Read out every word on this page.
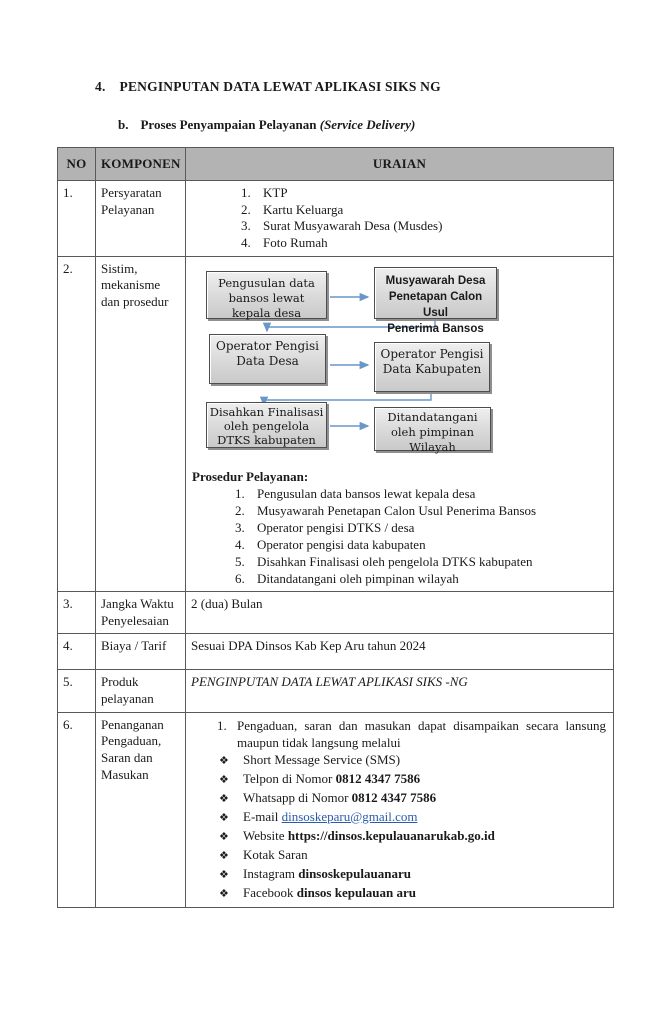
4. PENGINPUTAN DATA LEWAT APLIKASI SIKS NG
b. Proses Penyampaian Pelayanan (Service Delivery)
NO	KOMPONEN	URAIAN
1.	Persyaratan Pelayanan	
1. KTP
2. Kartu Keluarga
3. Surat Musyawarah Desa (Musdes)
4. Foto Rumah

2.	Sistim, mekanisme dan prosedur	
Pengusulan data
bansos lewat
kepala desa
Musyawarah Desa
Penetapan Calon Usul
Penerima Bansos
Operator Pengisi
Data Desa	Operator Pengisi
Data Kabupaten
Disahkan Finalisasi
oleh pengelola
DTKS kabupaten
Ditandatangani
oleh pimpinan
Wilayah
Prosedur Pelayanan:
1. Pengusulan data bansos lewat kepala desa
2. Musyawarah Penetapan Calon Usul Penerima Bansos
3. Operator pengisi DTKS / desa
4. Operator pengisi data kabupaten
5. Disahkan Finalisasi oleh pengelola DTKS kabupaten
6. Ditandatangani oleh pimpinan wilayah

3.	Jangka Waktu Penyelesaian	2 (dua) Bulan
4.	Biaya / Tarif	Sesuai DPA Dinsos Kab Kep Aru tahun 2024
5.	Produk pelayanan	PENGINPUTAN DATA LEWAT APLIKASI SIKS -NG
6.	Penanganan Pengaduan, Saran dan Masukan	
1. Pengaduan, saran dan masukan dapat disampaikan secara lansung maupun tidak langsung melalui
❖	Short Message Service (SMS)
❖	Telpon di Nomor 0812 4347 7586
❖	Whatsapp di Nomor 0812 4347 7586
❖	E-mail dinsoskeparu@gmail.com
❖	Website https://dinsos.kepulauanarukab.go.id
❖	Kotak Saran
❖	Instagram dinsoskepulauanaru
❖	Facebook dinsos kepulauan aru
